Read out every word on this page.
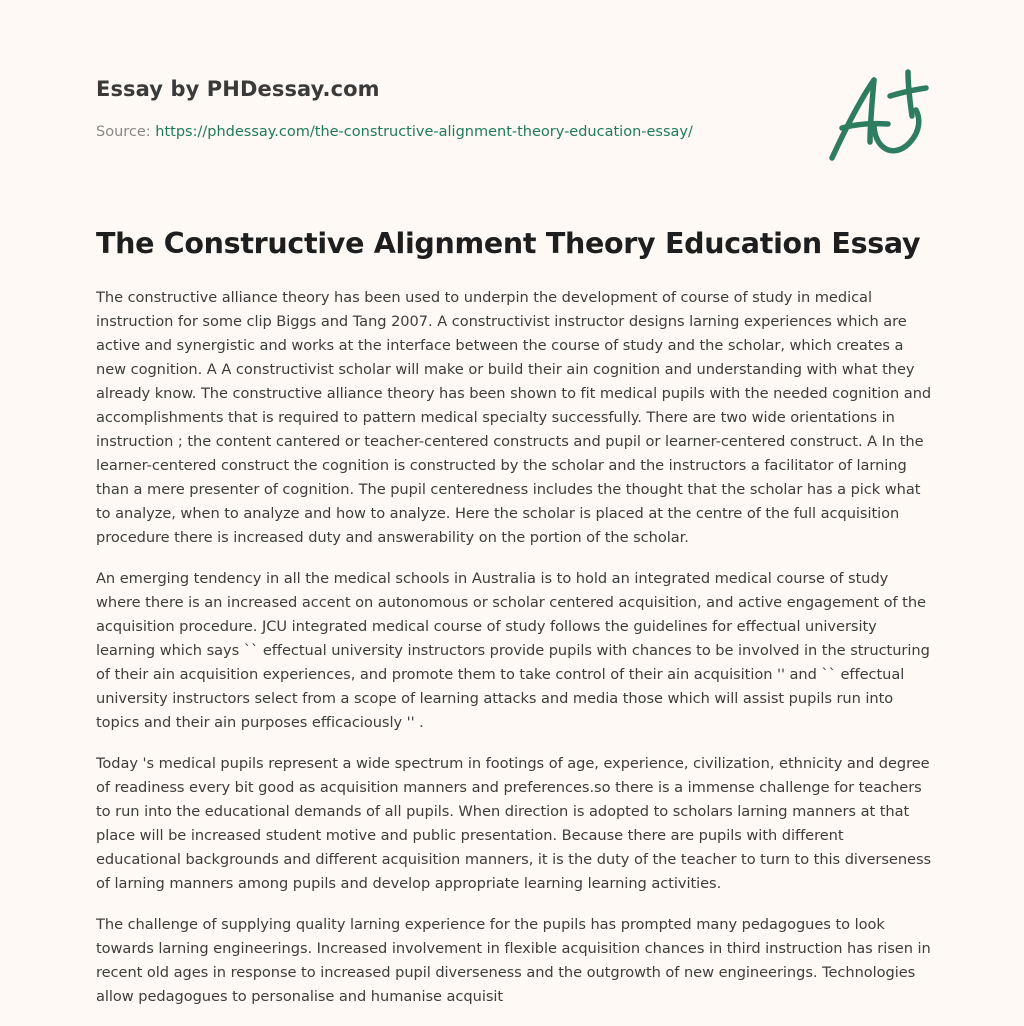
Essay by PHDessay.com
Source: https://phdessay.com/the-constructive-alignment-theory-education-essay/
The Constructive Alignment Theory Education Essay

The constructive alliance theory has been used to underpin the development of course of study in medical instruction for some clip Biggs and Tang 2007. A constructivist instructor designs larning experiences which are active and synergistic and works at the interface between the course of study and the scholar, which creates a new cognition. A A constructivist scholar will make or build their ain cognition and understanding with what they already know. The constructive alliance theory has been shown to fit medical pupils with the needed cognition and accomplishments that is required to pattern medical specialty successfully. There are two wide orientations in instruction ; the content cantered or teacher-centered constructs and pupil or learner-centered construct. A In the learner-centered construct the cognition is constructed by the scholar and the instructors a facilitator of larning than a mere presenter of cognition. The pupil centeredness includes the thought that the scholar has a pick what to analyze, when to analyze and how to analyze. Here the scholar is placed at the centre of the full acquisition procedure there is increased duty and answerability on the portion of the scholar.

An emerging tendency in all the medical schools in Australia is to hold an integrated medical course of study where there is an increased accent on autonomous or scholar centered acquisition, and active engagement of the acquisition procedure. JCU integrated medical course of study follows the guidelines for effectual university learning which says `` effectual university instructors provide pupils with chances to be involved in the structuring of their ain acquisition experiences, and promote them to take control of their ain acquisition '' and `` effectual university instructors select from a scope of learning attacks and media those which will assist pupils run into topics and their ain purposes efficaciously '' .

Today 's medical pupils represent a wide spectrum in footings of age, experience, civilization, ethnicity and degree of readiness every bit good as acquisition manners and preferences.so there is a immense challenge for teachers to run into the educational demands of all pupils. When direction is adopted to scholars larning manners at that place will be increased student motive and public presentation. Because there are pupils with different educational backgrounds and different acquisition manners, it is the duty of the teacher to turn to this diverseness of larning manners among pupils and develop appropriate learning learning activities.

The challenge of supplying quality larning experience for the pupils has prompted many pedagogues to look towards larning engineerings. Increased involvement in flexible acquisition chances in third instruction has risen in recent old ages in response to increased pupil diverseness and the outgrowth of new engineerings. Technologies allow pedagogues to personalise and humanise acquisit
